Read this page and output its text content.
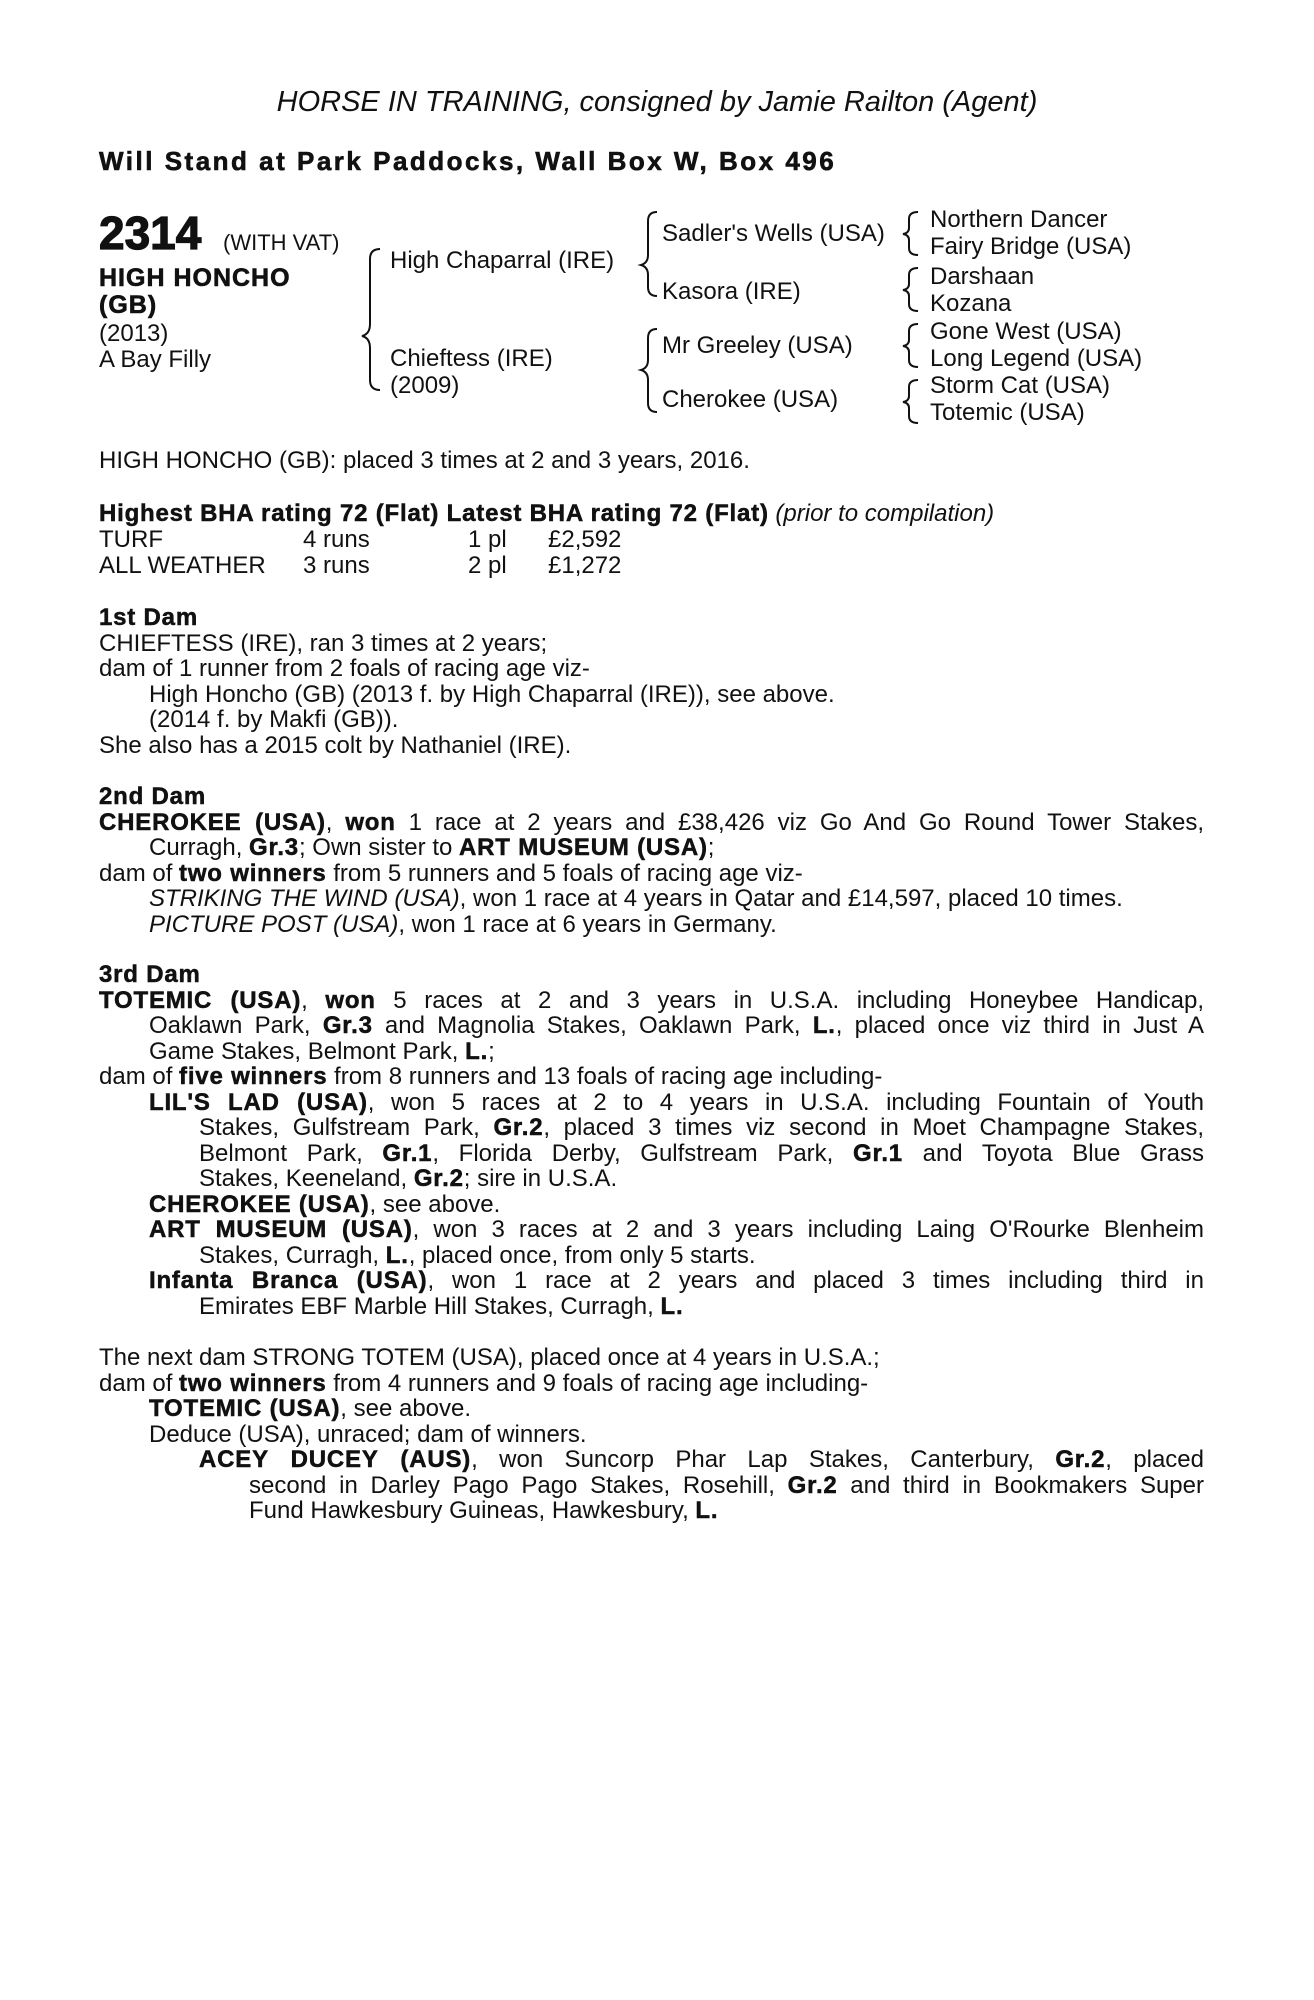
HORSE IN TRAINING, consigned by Jamie Railton (Agent)
Will Stand at Park Paddocks, Wall Box W, Box 496
2314 (WITH VAT)
HIGH HONCHO
(GB)
(2013)
A Bay Filly
High Chaparral (IRE)
Chieftess (IRE)
(2009)
Sadler's Wells (USA)
Kasora (IRE)
Mr Greeley (USA)
Cherokee (USA)
Northern Dancer
Fairy Bridge (USA)
Darshaan
Kozana
Gone West (USA)
Long Legend (USA)
Storm Cat (USA)
Totemic (USA)
HIGH HONCHO (GB): placed 3 times at 2 and 3 years, 2016.
Highest BHA rating 72 (Flat) Latest BHA rating 72 (Flat) (prior to compilation)
TURF	4 runs	1 pl £2,592
ALL WEATHER 3 runs	2 pl £1,272
1st Dam
CHIEFTESS (IRE), ran 3 times at 2 years;
dam of 1 runner from 2 foals of racing age viz-
High Honcho (GB) (2013 f. by High Chaparral (IRE)), see above.
(2014 f. by Makfi (GB)).
She also has a 2015 colt by Nathaniel (IRE).
2nd Dam
CHEROKEE (USA), won 1 race at 2 years and £38,426 viz Go And Go Round Tower Stakes,
Curragh, Gr.3; Own sister to ART MUSEUM (USA);
dam of two winners from 5 runners and 5 foals of racing age viz-
STRIKING THE WIND (USA), won 1 race at 4 years in Qatar and £14,597, placed 10 times.
PICTURE POST (USA), won 1 race at 6 years in Germany.
3rd Dam
TOTEMIC (USA), won 5 races at 2 and 3 years in U.S.A. including Honeybee Handicap,
Oaklawn Park, Gr.3 and Magnolia Stakes, Oaklawn Park, L., placed once viz third in Just A
Game Stakes, Belmont Park, L.;
dam of five winners from 8 runners and 13 foals of racing age including-
LIL'S LAD (USA), won 5 races at 2 to 4 years in U.S.A. including Fountain of Youth
Stakes, Gulfstream Park, Gr.2, placed 3 times viz second in Moet Champagne Stakes,
Belmont Park, Gr.1, Florida Derby, Gulfstream Park, Gr.1 and Toyota Blue Grass
Stakes, Keeneland, Gr.2; sire in U.S.A.
CHEROKEE (USA), see above.
ART MUSEUM (USA), won 3 races at 2 and 3 years including Laing O'Rourke Blenheim
Stakes, Curragh, L., placed once, from only 5 starts.
Infanta Branca (USA), won 1 race at 2 years and placed 3 times including third in
Emirates EBF Marble Hill Stakes, Curragh, L.
The next dam STRONG TOTEM (USA), placed once at 4 years in U.S.A.;
dam of two winners from 4 runners and 9 foals of racing age including-
TOTEMIC (USA), see above.
Deduce (USA), unraced; dam of winners.
ACEY DUCEY (AUS), won Suncorp Phar Lap Stakes, Canterbury, Gr.2, placed
second in Darley Pago Pago Stakes, Rosehill, Gr.2 and third in Bookmakers Super
Fund Hawkesbury Guineas, Hawkesbury, L.
